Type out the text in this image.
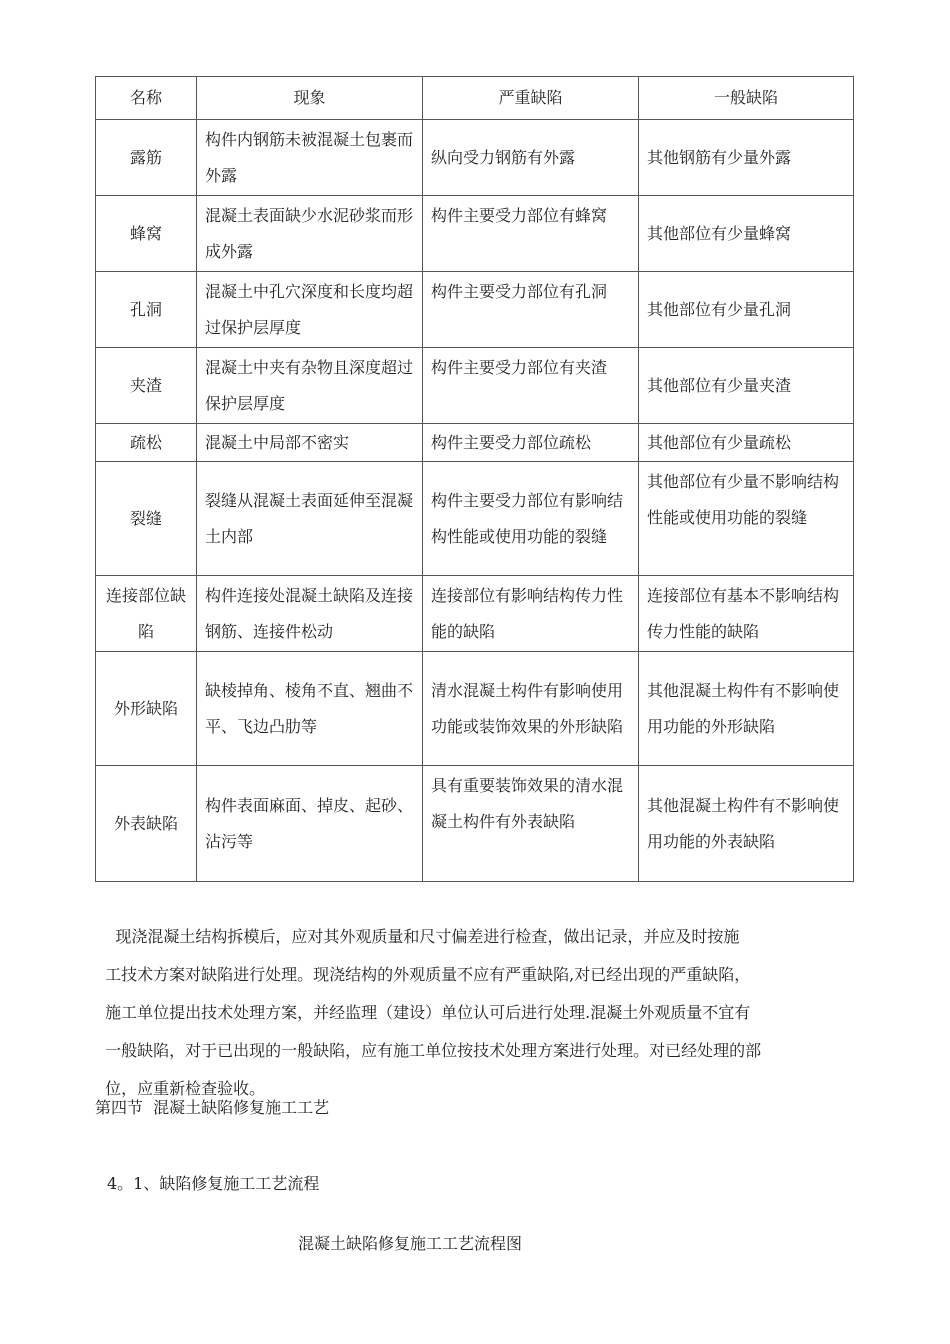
名称	现象	严重缺陷	一般缺陷
露筋	构件内钢筋未被混凝土包裹而外露	纵向受力钢筋有外露	其他钢筋有少量外露
蜂窝	混凝土表面缺少水泥砂浆而形成外露	构件主要受力部位有蜂窝	其他部位有少量蜂窝
孔洞	混凝土中孔穴深度和长度均超过保护层厚度	构件主要受力部位有孔洞	其他部位有少量孔洞
夹渣	混凝土中夹有杂物且深度超过保护层厚度	构件主要受力部位有夹渣	其他部位有少量夹渣
疏松	混凝土中局部不密实	构件主要受力部位疏松	其他部位有少量疏松
裂缝	裂缝从混凝土表面延伸至混凝土内部	构件主要受力部位有影响结构性能或使用功能的裂缝	其他部位有少量不影响结构性能或使用功能的裂缝
连接部位缺陷	构件连接处混凝土缺陷及连接钢筋、连接件松动	连接部位有影响结构传力性能的缺陷	连接部位有基本不影响结构传力性能的缺陷
外形缺陷	缺棱掉角、棱角不直、翘曲不平、飞边凸肋等	清水混凝土构件有影响使用功能或装饰效果的外形缺陷	其他混凝土构件有不影响使用功能的外形缺陷
外表缺陷	构件表面麻面、掉皮、起砂、沾污等	具有重要装饰效果的清水混凝土构件有外表缺陷	其他混凝土构件有不影响使用功能的外表缺陷

现浇混凝土结构拆模后，应对其外观质量和尺寸偏差进行检查，做出记录，并应及时按施
工技术方案对缺陷进行处理。现浇结构的外观质量不应有严重缺陷,对已经出现的严重缺陷，
施工单位提出技术处理方案，并经监理（建设）单位认可后进行处理.混凝土外观质量不宜有
一般缺陷，对于已出现的一般缺陷，应有施工单位按技术处理方案进行处理。对已经处理的部
位，应重新检查验收。

第四节  混凝土缺陷修复施工工艺

4。1、缺陷修复施工工艺流程

混凝土缺陷修复施工工艺流程图
